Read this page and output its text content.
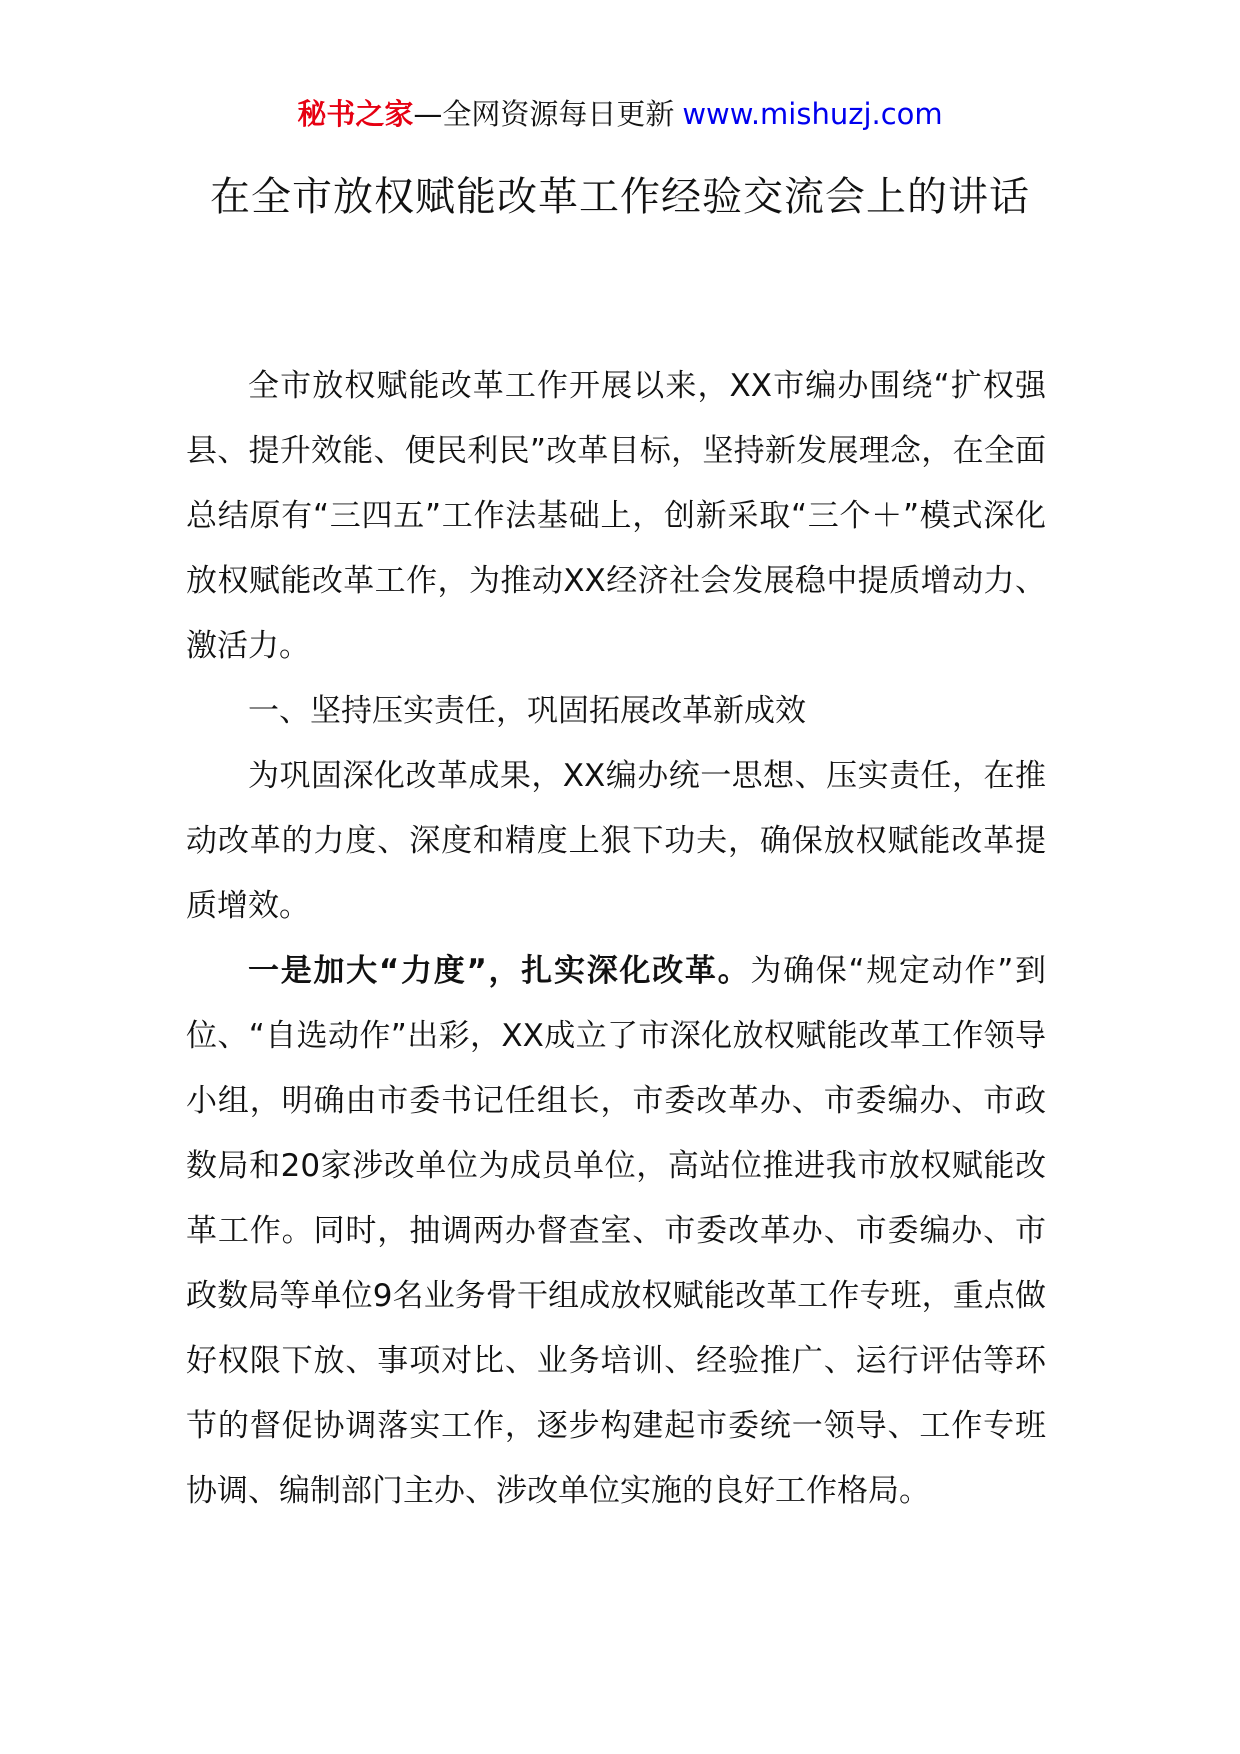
秘书之家—全网资源每日更新 www.mishuzj.com
在全市放权赋能改革工作经验交流会上的讲话

全市放权赋能改革工作开展以来，XX市编办围绕“扩权强县、提升效能、便民利民”改革目标，坚持新发展理念，在全面总结原有“三四五”工作法基础上，创新采取“三个＋”模式深化放权赋能改革工作，为推动XX经济社会发展稳中提质增动力、激活力。

一、坚持压实责任，巩固拓展改革新成效

为巩固深化改革成果，XX编办统一思想、压实责任，在推动改革的力度、深度和精度上狠下功夫，确保放权赋能改革提质增效。

一是加大“力度”，扎实深化改革。为确保“规定动作”到位、“自选动作”出彩，XX成立了市深化放权赋能改革工作领导小组，明确由市委书记任组长，市委改革办、市委编办、市政数局和20家涉改单位为成员单位，高站位推进我市放权赋能改革工作。同时，抽调两办督查室、市委改革办、市委编办、市政数局等单位9名业务骨干组成放权赋能改革工作专班，重点做好权限下放、事项对比、业务培训、经验推广、运行评估等环节的督促协调落实工作，逐步构建起市委统一领导、工作专班协调、编制部门主办、涉改单位实施的良好工作格局。
